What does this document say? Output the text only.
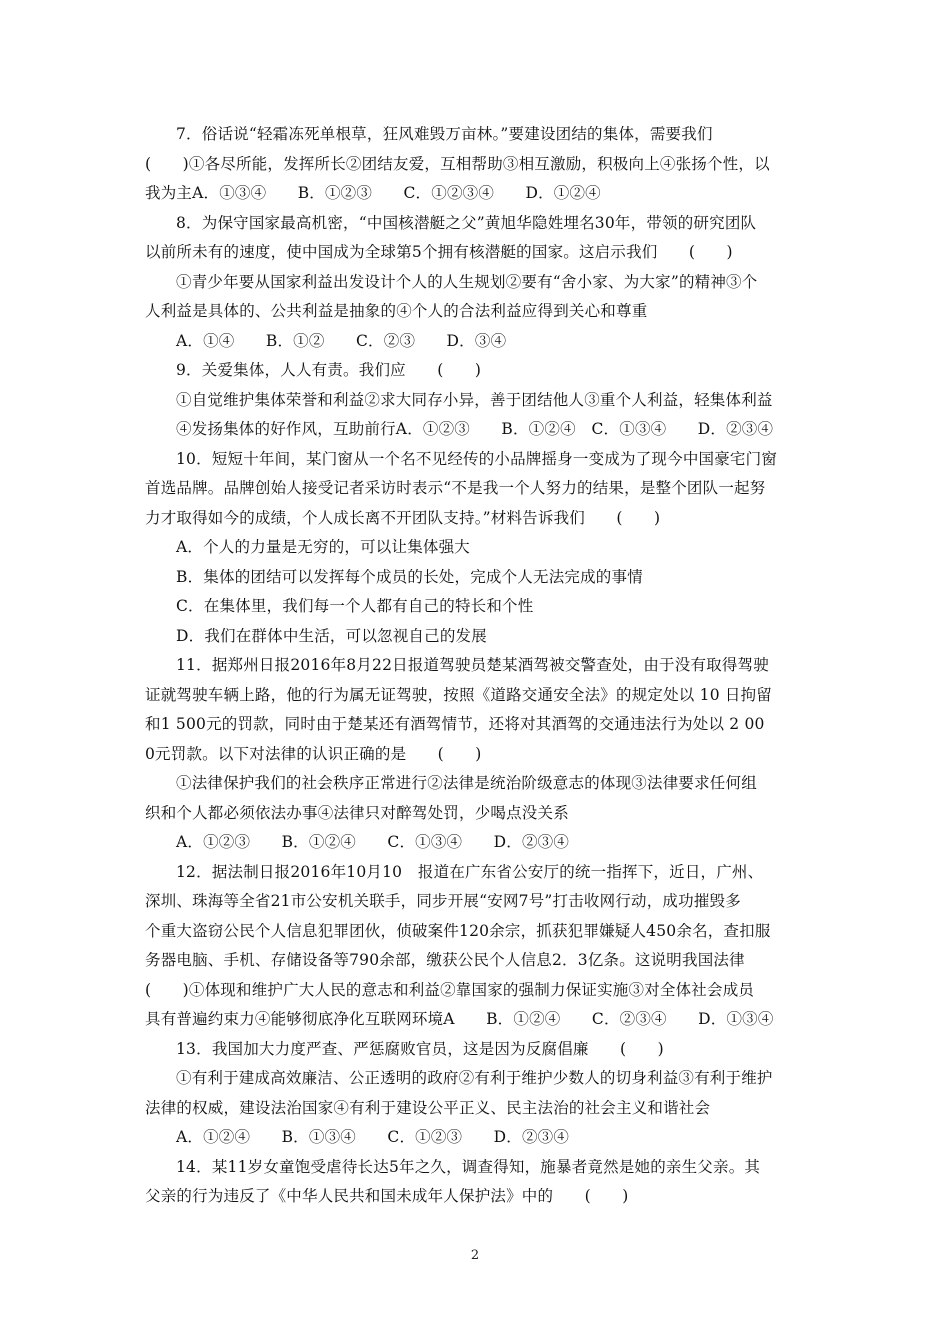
7．俗话说“轻霜冻死单根草，狂风难毁万亩林。”要建设团结的集体，需要我们
(　　)①各尽所能，发挥所长②团结友爱，互相帮助③相互激励，积极向上④张扬个性，以
我为主A．①③④　　B．①②③　　C．①②③④　　D．①②④
8．为保守国家最高机密，“中国核潜艇之父”黄旭华隐姓埋名30年，带领的研究团队
以前所未有的速度，使中国成为全球第5个拥有核潜艇的国家。这启示我们　　(　　)
①青少年要从国家利益出发设计个人的人生规划②要有“舍小家、为大家”的精神③个
人利益是具体的、公共利益是抽象的④个人的合法利益应得到关心和尊重
A．①④　　B．①②　　C．②③　　D．③④
9．关爱集体，人人有责。我们应　　(　　)
①自觉维护集体荣誉和利益②求大同存小异，善于团结他人③重个人利益，轻集体利益
④发扬集体的好作风，互助前行A．①②③　　B．①②④　C．①③④　　D．②③④
10．短短十年间，某门窗从一个名不见经传的小品牌摇身一变成为了现今中国豪宅门窗
首选品牌。品牌创始人接受记者采访时表示“不是我一个人努力的结果，是整个团队一起努
力才取得如今的成绩，个人成长离不开团队支持。”材料告诉我们　　(　　)
A．个人的力量是无穷的，可以让集体强大
B．集体的团结可以发挥每个成员的长处，完成个人无法完成的事情
C．在集体里，我们每一个人都有自己的特长和个性
D．我们在群体中生活，可以忽视自己的发展
11．据郑州日报2016年8月22日报道驾驶员楚某酒驾被交警查处，由于没有取得驾驶
证就驾驶车辆上路，他的行为属无证驾驶，按照《道路交通安全法》的规定处以 10 日拘留
和1 500元的罚款，同时由于楚某还有酒驾情节，还将对其酒驾的交通违法行为处以 2 00
0元罚款。以下对法律的认识正确的是　　(　　)
①法律保护我们的社会秩序正常进行②法律是统治阶级意志的体现③法律要求任何组
织和个人都必须依法办事④法律只对醉驾处罚，少喝点没关系
A．①②③　　B．①②④　　C．①③④　　D．②③④
12．据法制日报2016年10月10　报道在广东省公安厅的统一指挥下，近日，广州、
深圳、珠海等全省21市公安机关联手，同步开展“安网7号”打击收网行动，成功摧毁多
个重大盗窃公民个人信息犯罪团伙，侦破案件120余宗，抓获犯罪嫌疑人450余名，查扣服
务器电脑、手机、存储设备等790余部，缴获公民个人信息2．3亿条。这说明我国法律
(　　)①体现和维护广大人民的意志和利益②靠国家的强制力保证实施③对全体社会成员
具有普遍约束力④能够彻底净化互联网环境A　　B．①②④　　C．②③④　　D．①③④
13．我国加大力度严查、严惩腐败官员，这是因为反腐倡廉　　(　　)
①有利于建成高效廉洁、公正透明的政府②有利于维护少数人的切身利益③有利于维护
法律的权威，建设法治国家④有利于建设公平正义、民主法治的社会主义和谐社会
A．①②④　　B．①③④　　C．①②③　　D．②③④
14．某11岁女童饱受虐待长达5年之久，调查得知，施暴者竟然是她的亲生父亲。其
父亲的行为违反了《中华人民共和国未成年人保护法》中的　　(　　)
2
